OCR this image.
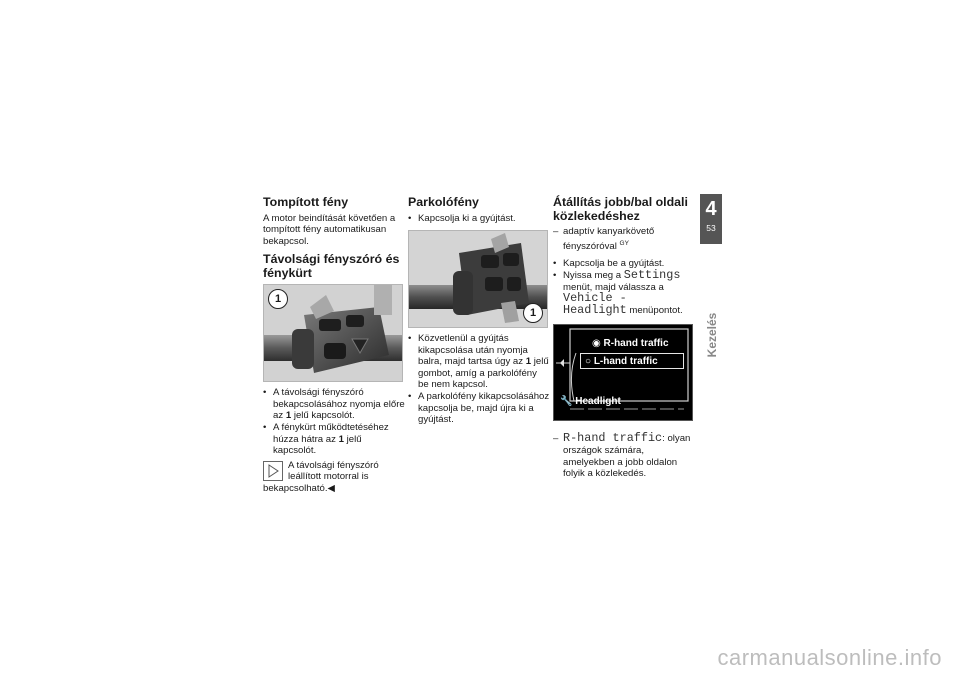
Tompított fény
A motor beindítását követően a tompított fény automatikusan bekapcsol.
Távolsági fényszóró és fénykürt
1
• A távolsági fényszóró bekapcsolásához nyomja előre az 1 jelű kapcsolót.
• A fénykürt működtetéséhez húzza hátra az 1 jelű kapcsolót.
A távolsági fényszóró leállított motorral is bekapcsolható.◀
Parkolófény
• Kapcsolja ki a gyújtást.
1
• Közvetlenül a gyújtás kikapcsolása után nyomja balra, majd tartsa úgy az 1 jelű gombot, amíg a parkolófény be nem kapcsol.
• A parkolófény kikapcsolásához kapcsolja be, majd újra ki a gyújtást.
Átállítás jobb/bal oldali közlekedéshez
– adaptív kanyarkövető fényszóróval $^{GY}$
• Kapcsolja be a gyújtást.
• Nyissa meg a Settings menüt, majd válassza a Vehicle - Headlight menüpontot.
◉ R-hand traffic
○ L-hand traffic
🔧 Headlight
– R-hand traffic: olyan országok számára, amelyekben a jobb oldalon folyik a közlekedés.
4
53
Kezelés
carmanualsonline.info
